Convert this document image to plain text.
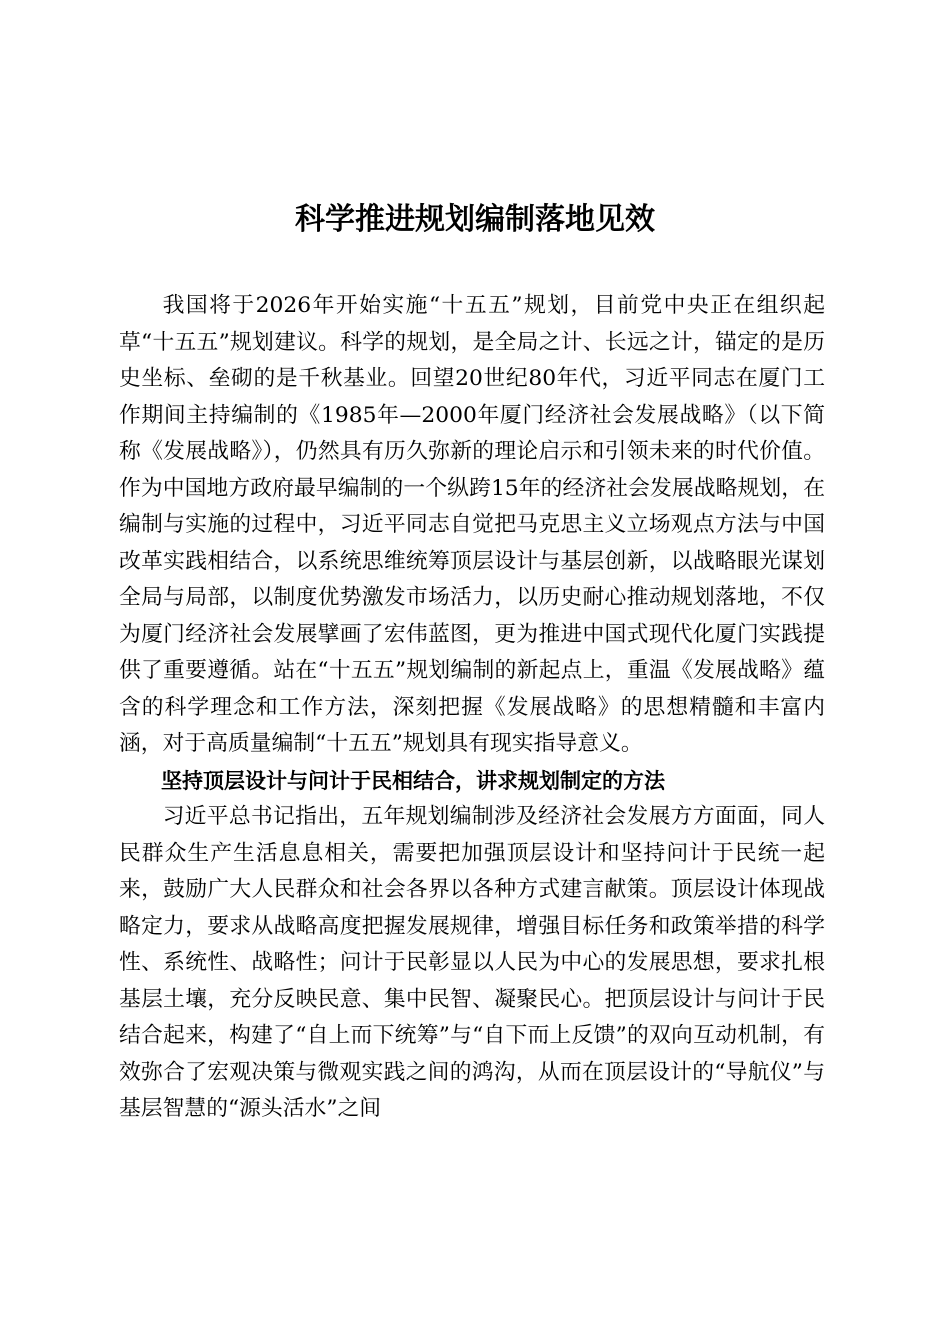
科学推进规划编制落地见效

我国将于2026年开始实施“十五五”规划，目前党中央正在组织起草“十五五”规划建议。科学的规划，是全局之计、长远之计，锚定的是历史坐标、垒砌的是千秋基业。回望20世纪80年代，习近平同志在厦门工作期间主持编制的《1985年—2000年厦门经济社会发展战略》（以下简称《发展战略》），仍然具有历久弥新的理论启示和引领未来的时代价值。作为中国地方政府最早编制的一个纵跨15年的经济社会发展战略规划，在编制与实施的过程中，习近平同志自觉把马克思主义立场观点方法与中国改革实践相结合，以系统思维统筹顶层设计与基层创新，以战略眼光谋划全局与局部，以制度优势激发市场活力，以历史耐心推动规划落地，不仅为厦门经济社会发展擘画了宏伟蓝图，更为推进中国式现代化厦门实践提供了重要遵循。站在“十五五”规划编制的新起点上，重温《发展战略》蕴含的科学理念和工作方法，深刻把握《发展战略》的思想精髓和丰富内涵，对于高质量编制“十五五”规划具有现实指导意义。

坚持顶层设计与问计于民相结合，讲求规划制定的方法

习近平总书记指出，五年规划编制涉及经济社会发展方方面面，同人民群众生产生活息息相关，需要把加强顶层设计和坚持问计于民统一起来，鼓励广大人民群众和社会各界以各种方式建言献策。顶层设计体现战略定力，要求从战略高度把握发展规律，增强目标任务和政策举措的科学性、系统性、战略性；问计于民彰显以人民为中心的发展思想，要求扎根基层土壤，充分反映民意、集中民智、凝聚民心。把顶层设计与问计于民结合起来，构建了“自上而下统筹”与“自下而上反馈”的双向互动机制，有效弥合了宏观决策与微观实践之间的鸿沟，从而在顶层设计的“导航仪”与基层智慧的“源头活水”之间
